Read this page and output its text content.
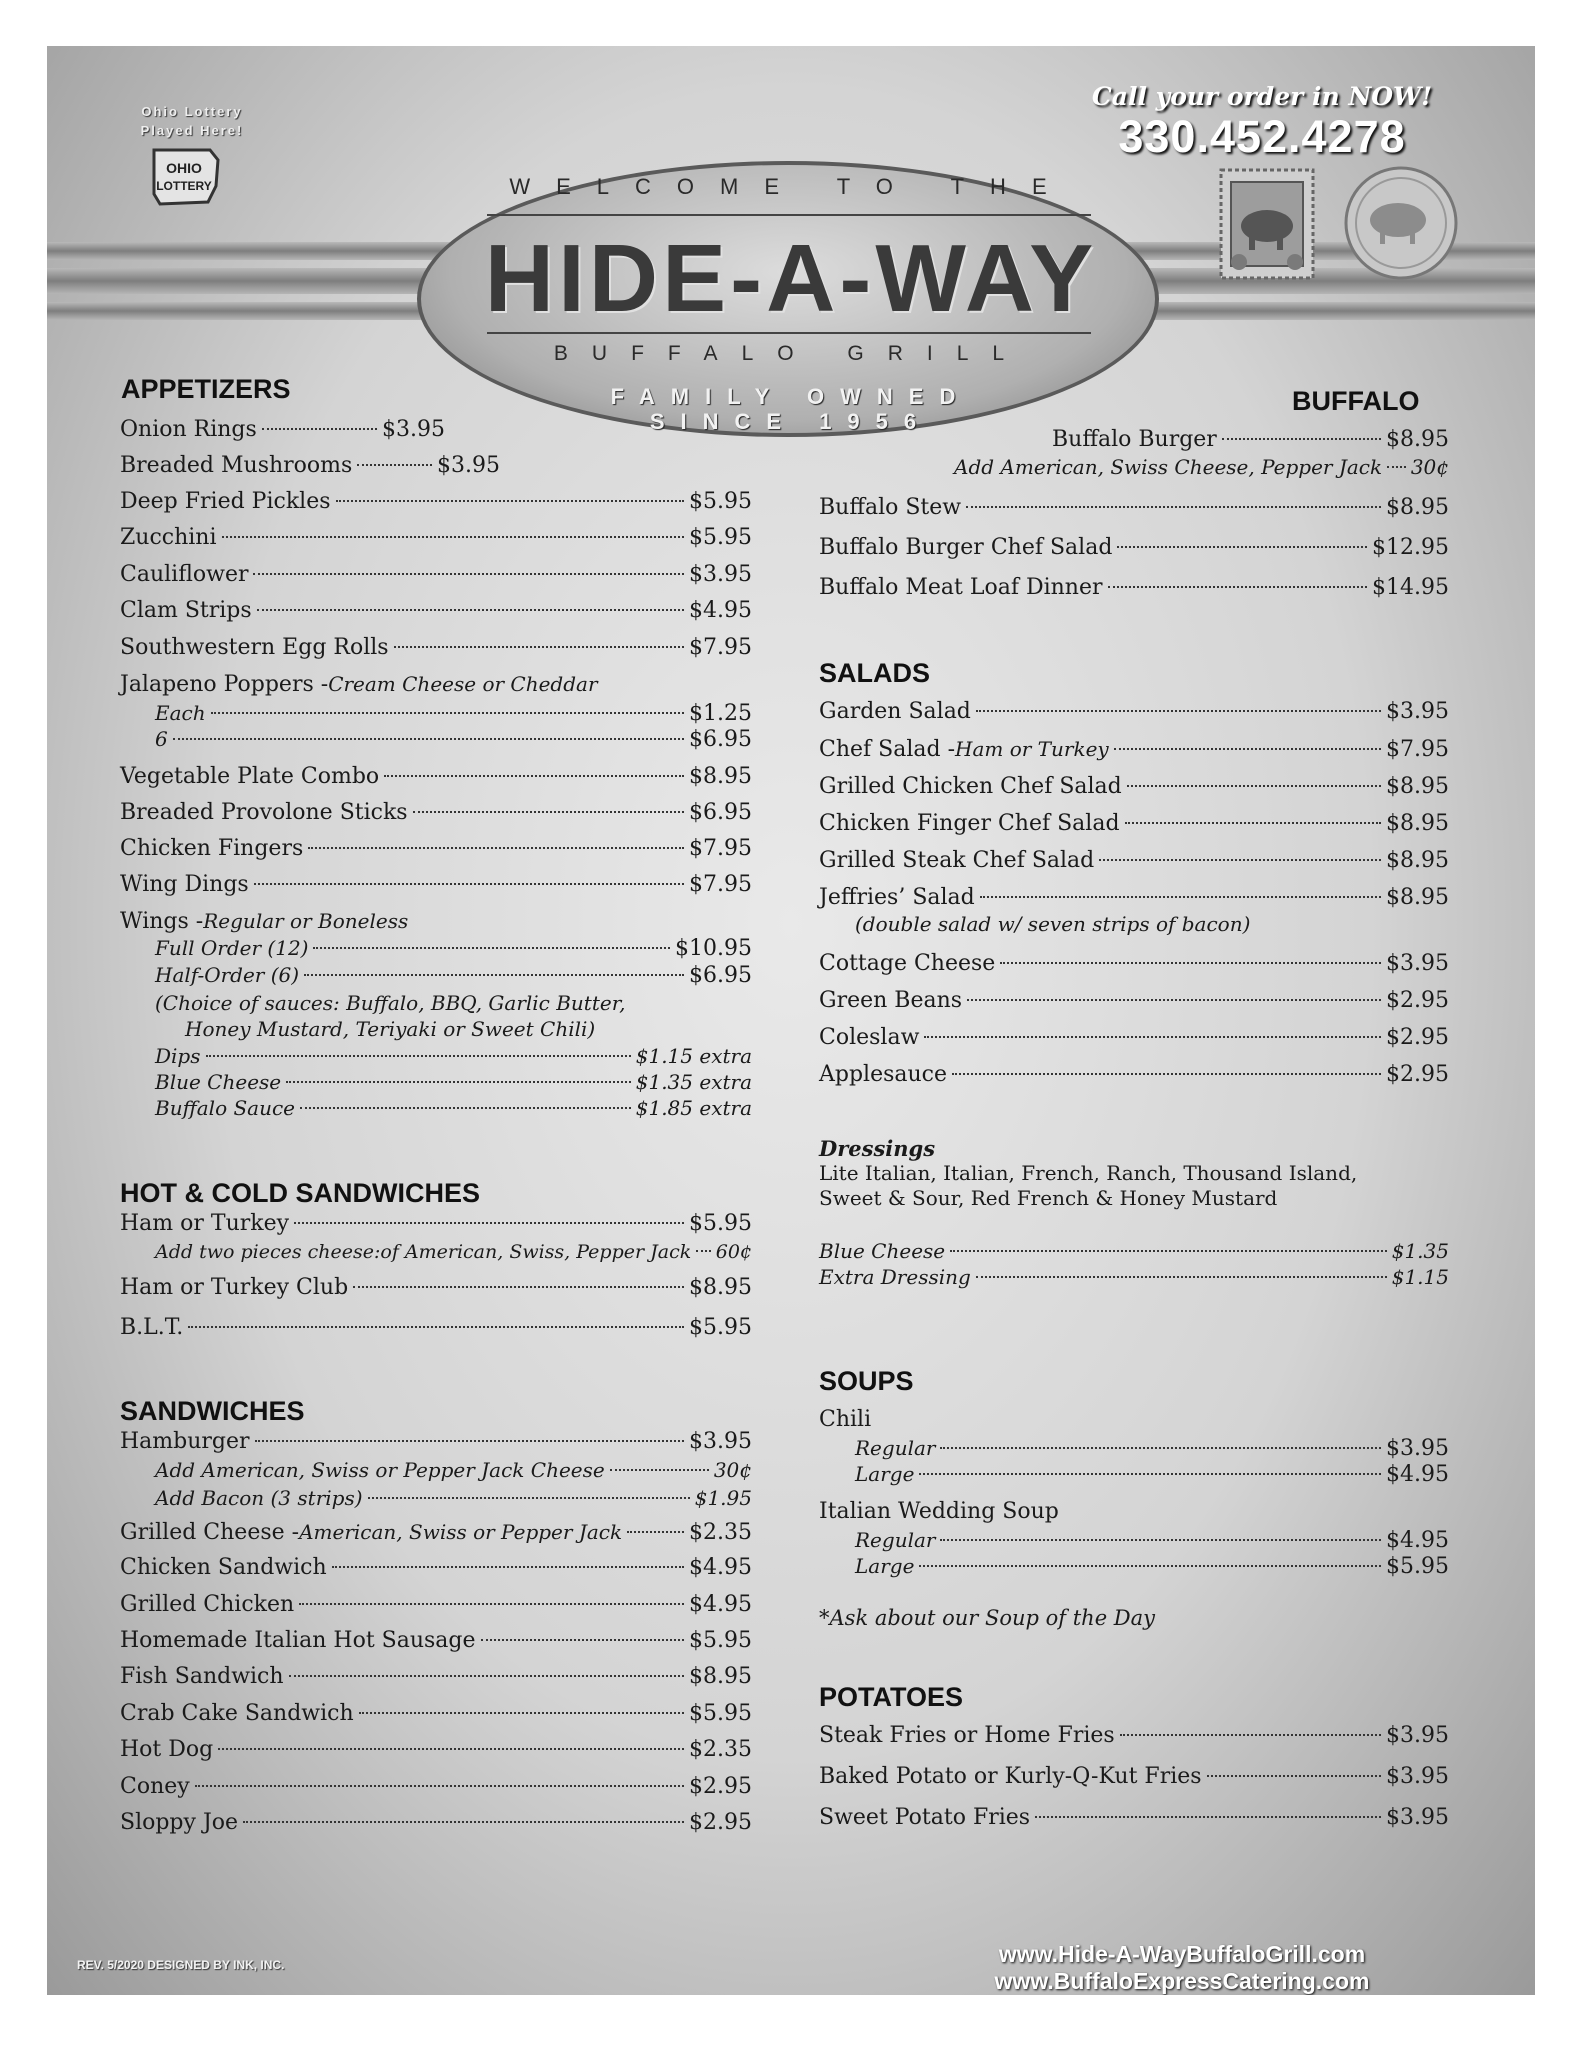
WELCOME TO THE
HIDE-A-WAY
BUFFALO GRILL
FAMILY OWNED
SINCE 1956
Ohio Lottery
Played Here!
OHIO
LOTTERY
Call your order in NOW!
330.452.4278
APPETIZERS
Onion Rings	$3.95
Breaded Mushrooms	$3.95
Deep Fried Pickles	$5.95
Zucchini	$5.95
Cauliflower	$3.95
Clam Strips	$4.95
Southwestern Egg Rolls	$7.95
Jalapeno Poppers - Cream Cheese or Cheddar
Each	$1.25
6	$6.95
Vegetable Plate Combo	$8.95
Breaded Provolone Sticks	$6.95
Chicken Fingers	$7.95
Wing Dings	$7.95
Wings - Regular or Boneless
Full Order (12)	$10.95
Half-Order (6)	$6.95
(Choice of sauces: Buffalo, BBQ, Garlic Butter,
Honey Mustard, Teriyaki or Sweet Chili)
Dips	$1.15 extra
Blue Cheese	$1.35 extra
Buffalo Sauce	$1.85 extra
HOT & COLD SANDWICHES
Ham or Turkey	$5.95
Add two pieces cheese:of American, Swiss, Pepper Jack 60¢
Ham or Turkey Club	$8.95
B.L.T.	$5.95
SANDWICHES
Hamburger	$3.95
Add American, Swiss or Pepper Jack Cheese	30¢
Add Bacon (3 strips)	$1.95
Grilled Cheese - American, Swiss or Pepper Jack	$2.35
Chicken Sandwich	$4.95
Grilled Chicken	$4.95
Homemade Italian Hot Sausage	$5.95
Fish Sandwich	$8.95
Crab Cake Sandwich	$5.95
Hot Dog	$2.35
Coney	$2.95
Sloppy Joe	$2.95
BUFFALO
Buffalo Burger	$8.95
Add American, Swiss Cheese, Pepper Jack 30¢
Buffalo Stew	$8.95
Buffalo Burger Chef Salad	$12.95
Buffalo Meat Loaf Dinner	$14.95
SALADS
Garden Salad	$3.95
Chef Salad - Ham or Turkey	$7.95
Grilled Chicken Chef Salad	$8.95
Chicken Finger Chef Salad	$8.95
Grilled Steak Chef Salad	$8.95
Jeffries’ Salad	$8.95
(double salad w/ seven strips of bacon)
Cottage Cheese	$3.95
Green Beans	$2.95
Coleslaw	$2.95
Applesauce	$2.95
Dressings
Lite Italian, Italian, French, Ranch, Thousand Island,
Sweet & Sour, Red French & Honey Mustard
Blue Cheese	$1.35
Extra Dressing	$1.15
SOUPS
Chili
Regular	$3.95
Large	$4.95
Italian Wedding Soup
Regular	$4.95
Large	$5.95
*Ask about our Soup of the Day
POTATOES
Steak Fries or Home Fries	$3.95
Baked Potato or Kurly-Q-Kut Fries	$3.95
Sweet Potato Fries	$3.95
www.Hide-A-WayBuffaloGrill.com
www.BuffaloExpressCatering.com
REV. 5/2020 DESIGNED BY INK, INC.
